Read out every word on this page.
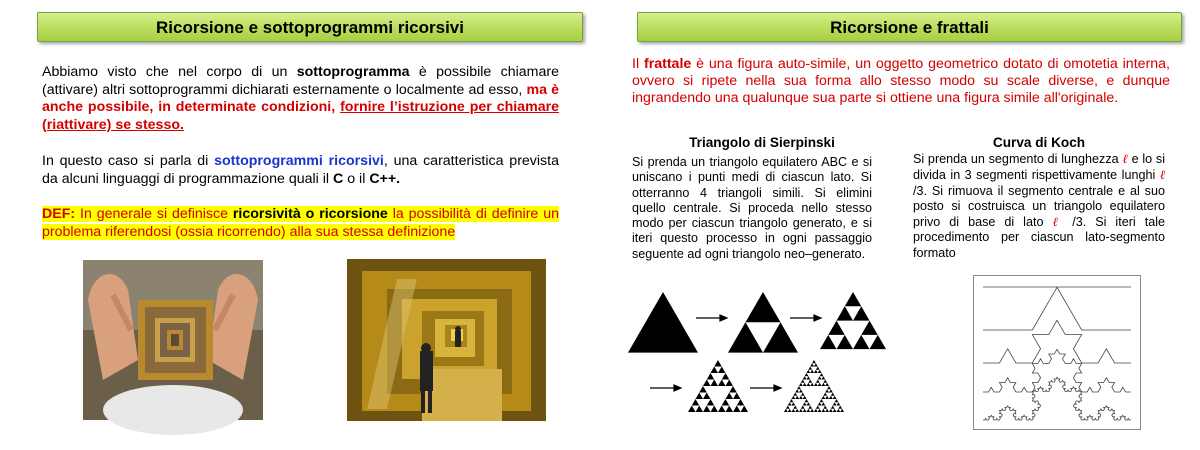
Ricorsione e sottoprogrammi ricorsivi
Abbiamo visto che nel corpo di un sottoprogramma è possibile chiamare (attivare) altri sottoprogrammi dichiarati esternamente o localmente ad esso, ma è anche possibile, in determinate condizioni, fornire l’istruzione per chiamare (riattivare) se stesso.
In questo caso si parla di sottoprogrammi ricorsivi, una caratteristica prevista da alcuni linguaggi di programmazione quali il C o il C++.
DEF: In generale si definisce ricorsività o ricorsione la possibilità di definire un problema riferendosi (ossia ricorrendo) alla sua stessa definizione
Ricorsione e frattali
Il frattale è una figura auto-simile, un oggetto geometrico dotato di omotetia interna, ovvero si ripete nella sua forma allo stesso modo su scale diverse, e dunque ingrandendo una qualunque sua parte si ottiene una figura simile all'originale.
Triangolo di Sierpinski
Si prenda un triangolo equilatero ABC e si uniscano i punti medi di ciascun lato. Si otterranno 4 triangoli simili. Si elimini quello centrale. Si proceda nello stesso modo per ciascun triangolo generato, e si iteri questo processo in ogni passaggio seguente ad ogni triangolo neo–generato.
Curva di Koch
Si prenda un segmento di lunghezza ℓ e lo si divida in 3 segmenti rispettivamente lunghi ℓ /3. Si rimuova il segmento centrale e al suo posto si costruisca un triangolo equilatero privo di base di lato ℓ /3. Si iteri tale procedimento per ciascun lato-segmento formato
